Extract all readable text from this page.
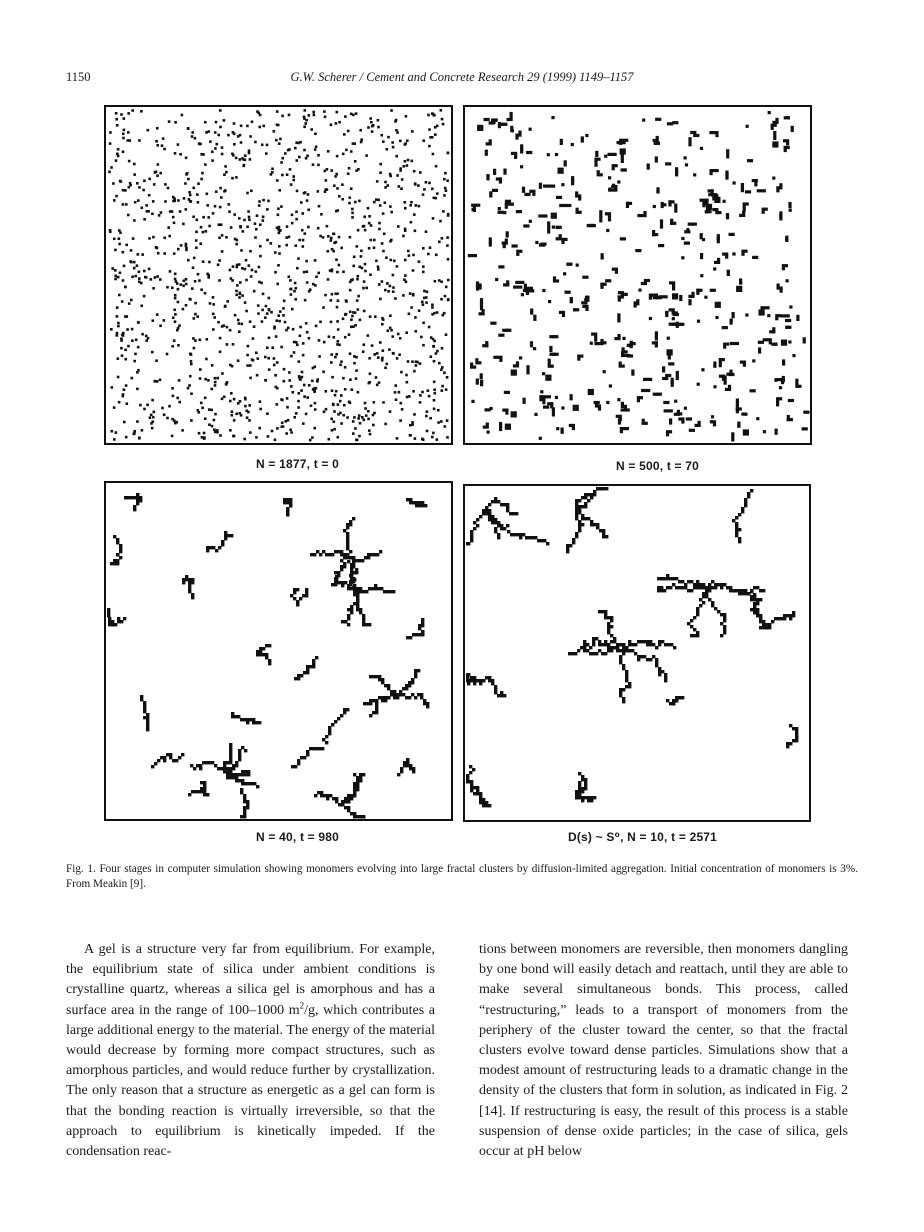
1150	G.W. Scherer / Cement and Concrete Research 29 (1999) 1149–1157
N = 1877, t = 0	N = 500, t = 70
N = 40, t = 980	D(s) ~ S⁰, N = 10, t = 2571
Fig. 1. Four stages in computer simulation showing monomers evolving into large fractal clusters by diffusion-limited aggregation. Initial concentration of monomers is 3%. From Meakin [9].
A gel is a structure very far from equilibrium. For example, the equilibrium state of silica under ambient conditions is crystalline quartz, whereas a silica gel is amorphous and has a surface area in the range of 100–1000 $m^2/g$, which contributes a large additional energy to the material. The energy of the material would decrease by forming more compact structures, such as amorphous particles, and would reduce further by crystallization. The only reason that a structure as energetic as a gel can form is that the bonding reaction is virtually irreversible, so that the approach to equilibrium is kinetically impeded. If the condensation reac-
tions between monomers are reversible, then monomers dangling by one bond will easily detach and reattach, until they are able to make several simultaneous bonds. This process, called “restructuring,” leads to a transport of monomers from the periphery of the cluster toward the center, so that the fractal clusters evolve toward dense particles. Simulations show that a modest amount of restructuring leads to a dramatic change in the density of the clusters that form in solution, as indicated in Fig. 2 [14]. If restructuring is easy, the result of this process is a stable suspension of dense oxide particles; in the case of silica, gels occur at pH below
